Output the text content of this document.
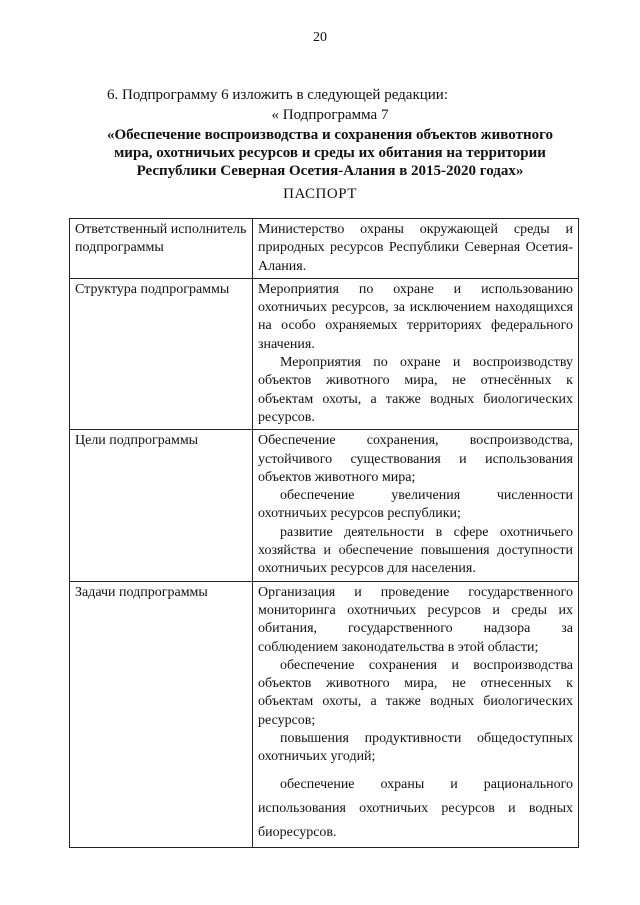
20
6. Подпрограмму 6 изложить в следующей редакции:
« Подпрограмма 7
«Обеспечение воспроизводства и сохранения объектов животного
мира, охотничьих ресурсов и среды их обитания на территории
Республики Северная Осетия-Алания в 2015-2020 годах»
ПАСПОРТ
Ответственный исполнитель подпрограммы	Министерство охраны окружающей среды и природных ресурсов Республики Северная Осетия-Алания.

Структура подпрограммы	Мероприятия по охране и использованию охотничьих ресурсов, за исключением находящихся на особо охраняемых территориях федерального значения.

Мероприятия по охране и воспроизводству объектов животного мира, не отнесённых к объектам охоты, а также водных биологических ресурсов.

Цели подпрограммы	Обеспечение сохранения, воспроизводства, устойчивого существования и использования объектов животного мира;

обеспечение увеличения численности охотничьих ресурсов республики;

развитие деятельности в сфере охотничьего хозяйства и обеспечение повышения доступности охотничьих ресурсов для населения.

Задачи подпрограммы	Организация и проведение государственного мониторинга охотничьих ресурсов и среды их обитания, государственного надзора за соблюдением законодательства в этой области;

обеспечение сохранения и воспроизводства объектов животного мира, не отнесенных к объектам охоты, а также водных биологических ресурсов;

повышения продуктивности общедоступных охотничьих угодий;

обеспечение охраны и рационального использования охотничьих ресурсов и водных биоресурсов.
